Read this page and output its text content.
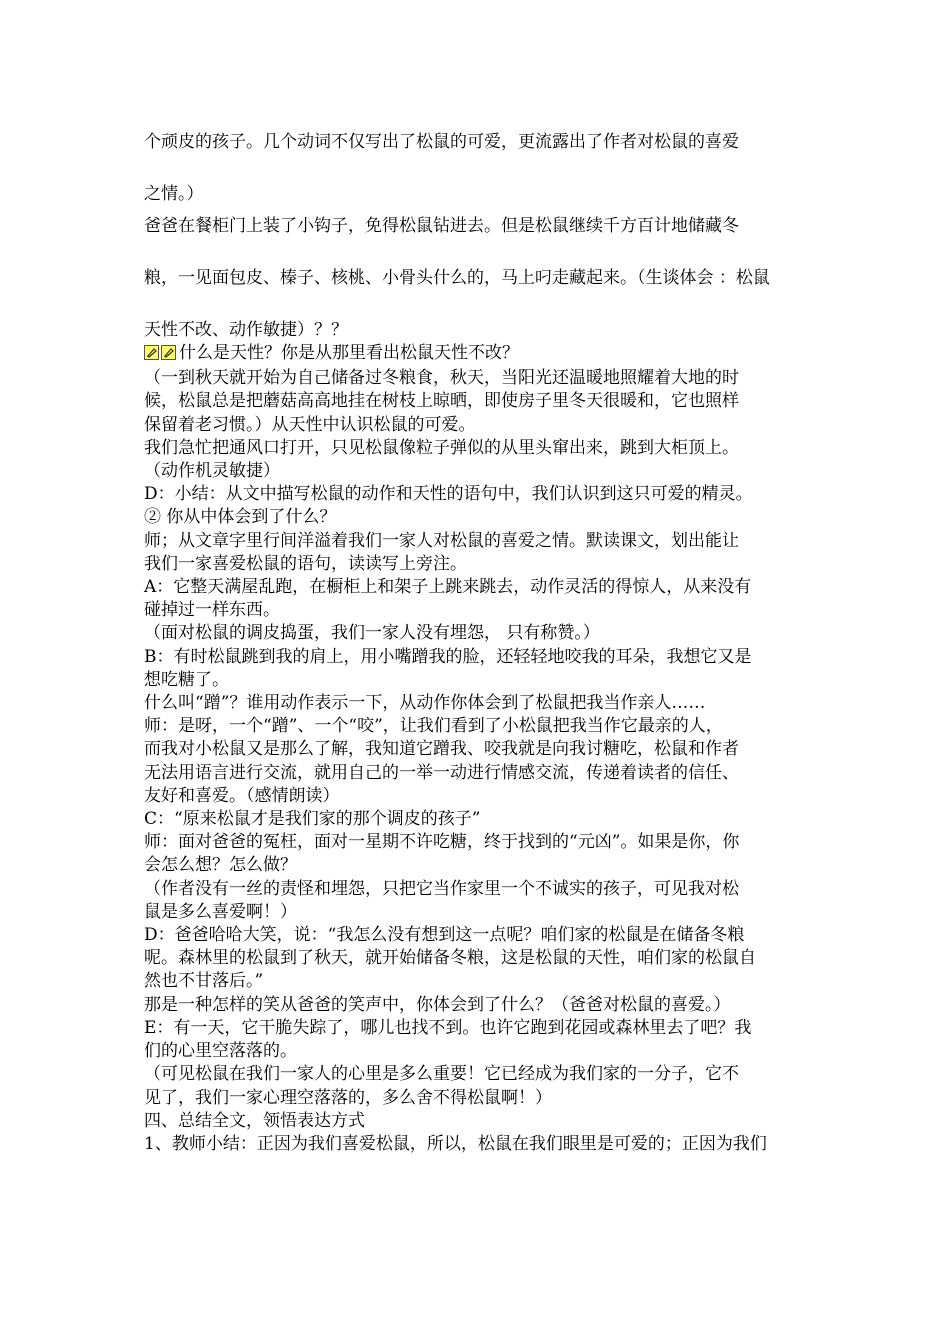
个顽皮的孩子。几个动词不仅写出了松鼠的可爱，更流露出了作者对松鼠的喜爱

之情。）

爸爸在餐柜门上装了小钩子，免得松鼠钻进去。但是松鼠继续千方百计地储藏冬

粮，一见面包皮、榛子、核桃、小骨头什么的，马上叼走藏起来。（生谈体会 ：松鼠

天性不改、动作敏捷）？？

什么是天性？你是从那里看出松鼠天性不改？

（一到秋天就开始为自己储备过冬粮食，秋天，当阳光还温暖地照耀着大地的时

候，松鼠总是把蘑菇高高地挂在树枝上晾晒，即使房子里冬天很暖和，它也照样

保留着老习惯。）从天性中认识松鼠的可爱。

我们急忙把通风口打开，只见松鼠像粒子弹似的从里头窜出来，跳到大柜顶上。

（动作机灵敏捷）

D：小结：从文中描写松鼠的动作和天性的语句中，我们认识到这只可爱的精灵。

② 你从中体会到了什么？

师；从文章字里行间洋溢着我们一家人对松鼠的喜爱之情。默读课文，划出能让

我们一家喜爱松鼠的语句，读读写上旁注。

A：它整天满屋乱跑，在橱柜上和架子上跳来跳去，动作灵活的得惊人，从来没有

碰掉过一样东西。

（面对松鼠的调皮捣蛋，我们一家人没有埋怨， 只有称赞。）

B：有时松鼠跳到我的肩上，用小嘴蹭我的脸，还轻轻地咬我的耳朵，我想它又是

想吃糖了。

什么叫“蹭”？谁用动作表示一下，从动作你体会到了松鼠把我当作亲人……

师：是呀，一个“蹭”、一个“咬”，让我们看到了小松鼠把我当作它最亲的人，

而我对小松鼠又是那么了解，我知道它蹭我、咬我就是向我讨糖吃，松鼠和作者

无法用语言进行交流，就用自己的一举一动进行情感交流，传递着读者的信任、

友好和喜爱。（感情朗读）

C：“原来松鼠才是我们家的那个调皮的孩子”

师：面对爸爸的冤枉，面对一星期不许吃糖，终于找到的“元凶”。如果是你，你

会怎么想？怎么做？

（作者没有一丝的责怪和埋怨，只把它当作家里一个不诚实的孩子，可见我对松

鼠是多么喜爱啊！）

D：爸爸哈哈大笑，说：“我怎么没有想到这一点呢？咱们家的松鼠是在储备冬粮

呢。森林里的松鼠到了秋天，就开始储备冬粮，这是松鼠的天性，咱们家的松鼠自

然也不甘落后。”

那是一种怎样的笑从爸爸的笑声中，你体会到了什么？（爸爸对松鼠的喜爱。）

E：有一天，它干脆失踪了，哪儿也找不到。也许它跑到花园或森林里去了吧？我

们的心里空落落的。

（可见松鼠在我们一家人的心里是多么重要！它已经成为我们家的一分子，它不

见了，我们一家心理空落落的，多么舍不得松鼠啊！）

四、总结全文，领悟表达方式

1、教师小结：正因为我们喜爱松鼠，所以，松鼠在我们眼里是可爱的；正因为我们
